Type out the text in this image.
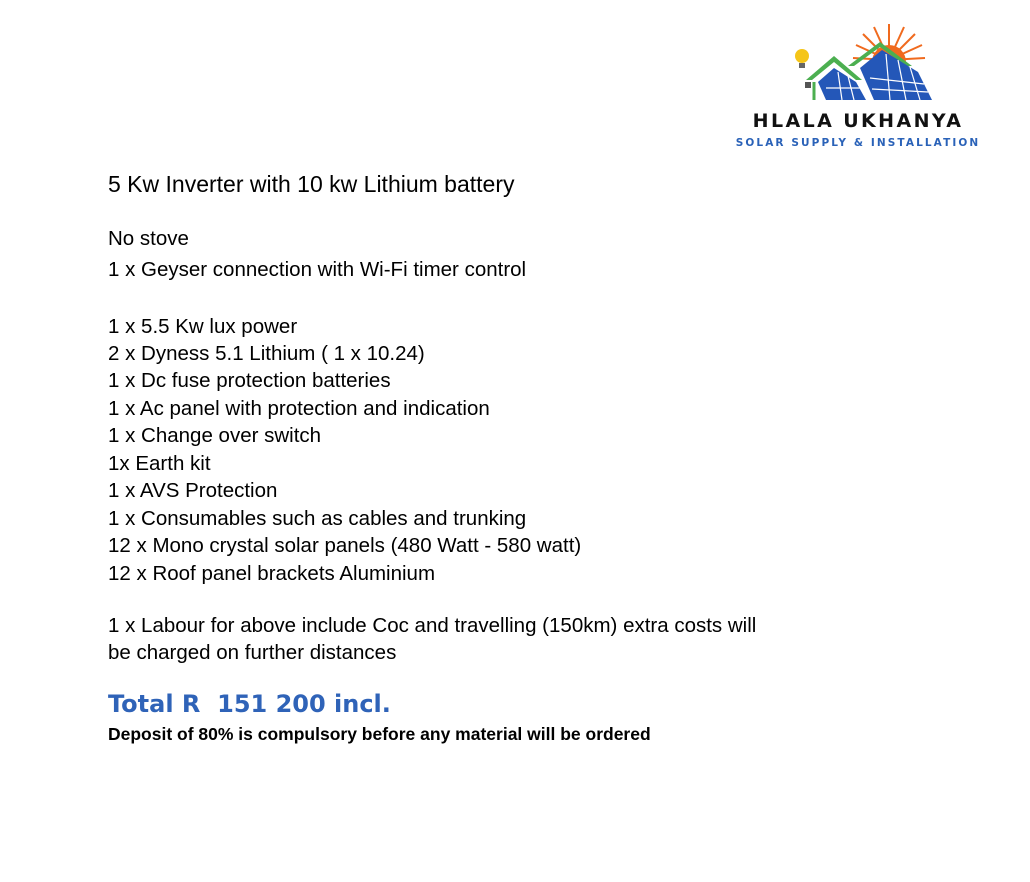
HLALA UKHANYA
SOLAR SUPPLY & INSTALLATION
5 Kw Inverter with 10 kw Lithium battery
No stove
1 x Geyser connection with Wi-Fi timer control
1 x 5.5 Kw lux power
2 x Dyness 5.1 Lithium ( 1 x 10.24)
1 x Dc fuse protection batteries
1 x Ac panel with protection and indication
1 x Change over switch
1x Earth kit
1 x AVS Protection
1 x Consumables such as cables and trunking
12 x Mono crystal solar panels (480 Watt - 580 watt)
12 x Roof panel brackets Aluminium
1 x Labour for above include Coc and travelling (150km) extra costs will
be charged on further distances
Total R  151 200 incl.
Deposit of 80% is compulsory before any material will be ordered
